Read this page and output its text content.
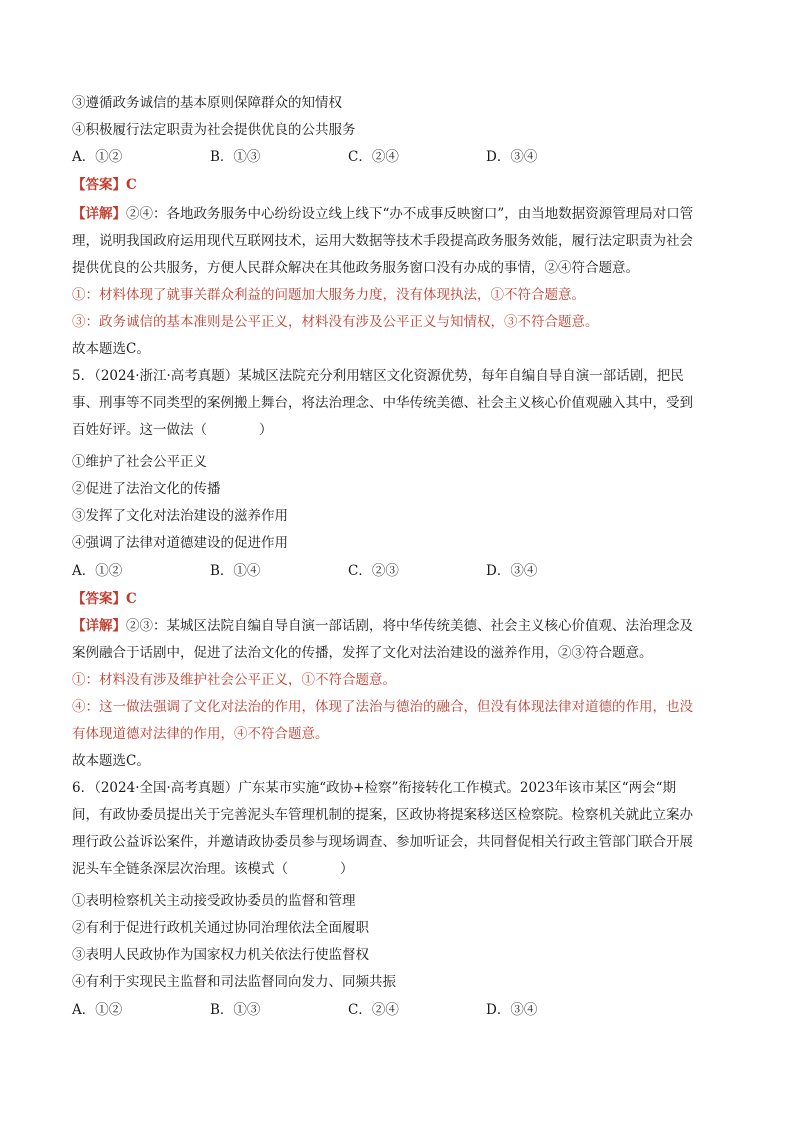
③遵循政务诚信的基本原则保障群众的知情权
④积极履行法定职责为社会提供优良的公共服务
A．①②	B．①③	C．②④	D．③④
【答案】C
【详解】②④：各地政务服务中心纷纷设立线上线下“办不成事反映窗口”，由当地数据资源管理局对口管
理，说明我国政府运用现代互联网技术，运用大数据等技术手段提高政务服务效能，履行法定职责为社会
提供优良的公共服务，方便人民群众解决在其他政务服务窗口没有办成的事情，②④符合题意。
①：材料体现了就事关群众利益的问题加大服务力度，没有体现执法，①不符合题意。
③：政务诚信的基本准则是公平正义，材料没有涉及公平正义与知情权，③不符合题意。
故本题选C。
5．（2024·浙江·高考真题）某城区法院充分利用辖区文化资源优势，每年自编自导自演一部话剧，把民
事、刑事等不同类型的案例搬上舞台，将法治理念、中华传统美德、社会主义核心价值观融入其中，受到
百姓好评。这一做法（	）
①维护了社会公平正义
②促进了法治文化的传播
③发挥了文化对法治建设的滋养作用
④强调了法律对道德建设的促进作用
A．①②	B．①④	C．②③	D．③④
【答案】C
【详解】②③：某城区法院自编自导自演一部话剧，将中华传统美德、社会主义核心价值观、法治理念及
案例融合于话剧中，促进了法治文化的传播，发挥了文化对法治建设的滋养作用，②③符合题意。
①：材料没有涉及维护社会公平正义，①不符合题意。
④：这一做法强调了文化对法治的作用，体现了法治与德治的融合，但没有体现法律对道德的作用，也没
有体现道德对法律的作用，④不符合题意。
故本题选C。
6．（2024·全国·高考真题）广东某市实施“政协+检察”衔接转化工作模式。2023年该市某区“两会“期
间，有政协委员提出关于完善泥头车管理机制的提案，区政协将提案移送区检察院。检察机关就此立案办
理行政公益诉讼案件，并邀请政协委员参与现场调查、参加听证会，共同督促相关行政主管部门联合开展
泥头车全链条深层次治理。该模式（	）
①表明检察机关主动接受政协委员的监督和管理
②有利于促进行政机关通过协同治理依法全面履职
③表明人民政协作为国家权力机关依法行使监督权
④有利于实现民主监督和司法监督同向发力、同频共振
A．①②	B．①③	C．②④	D．③④
